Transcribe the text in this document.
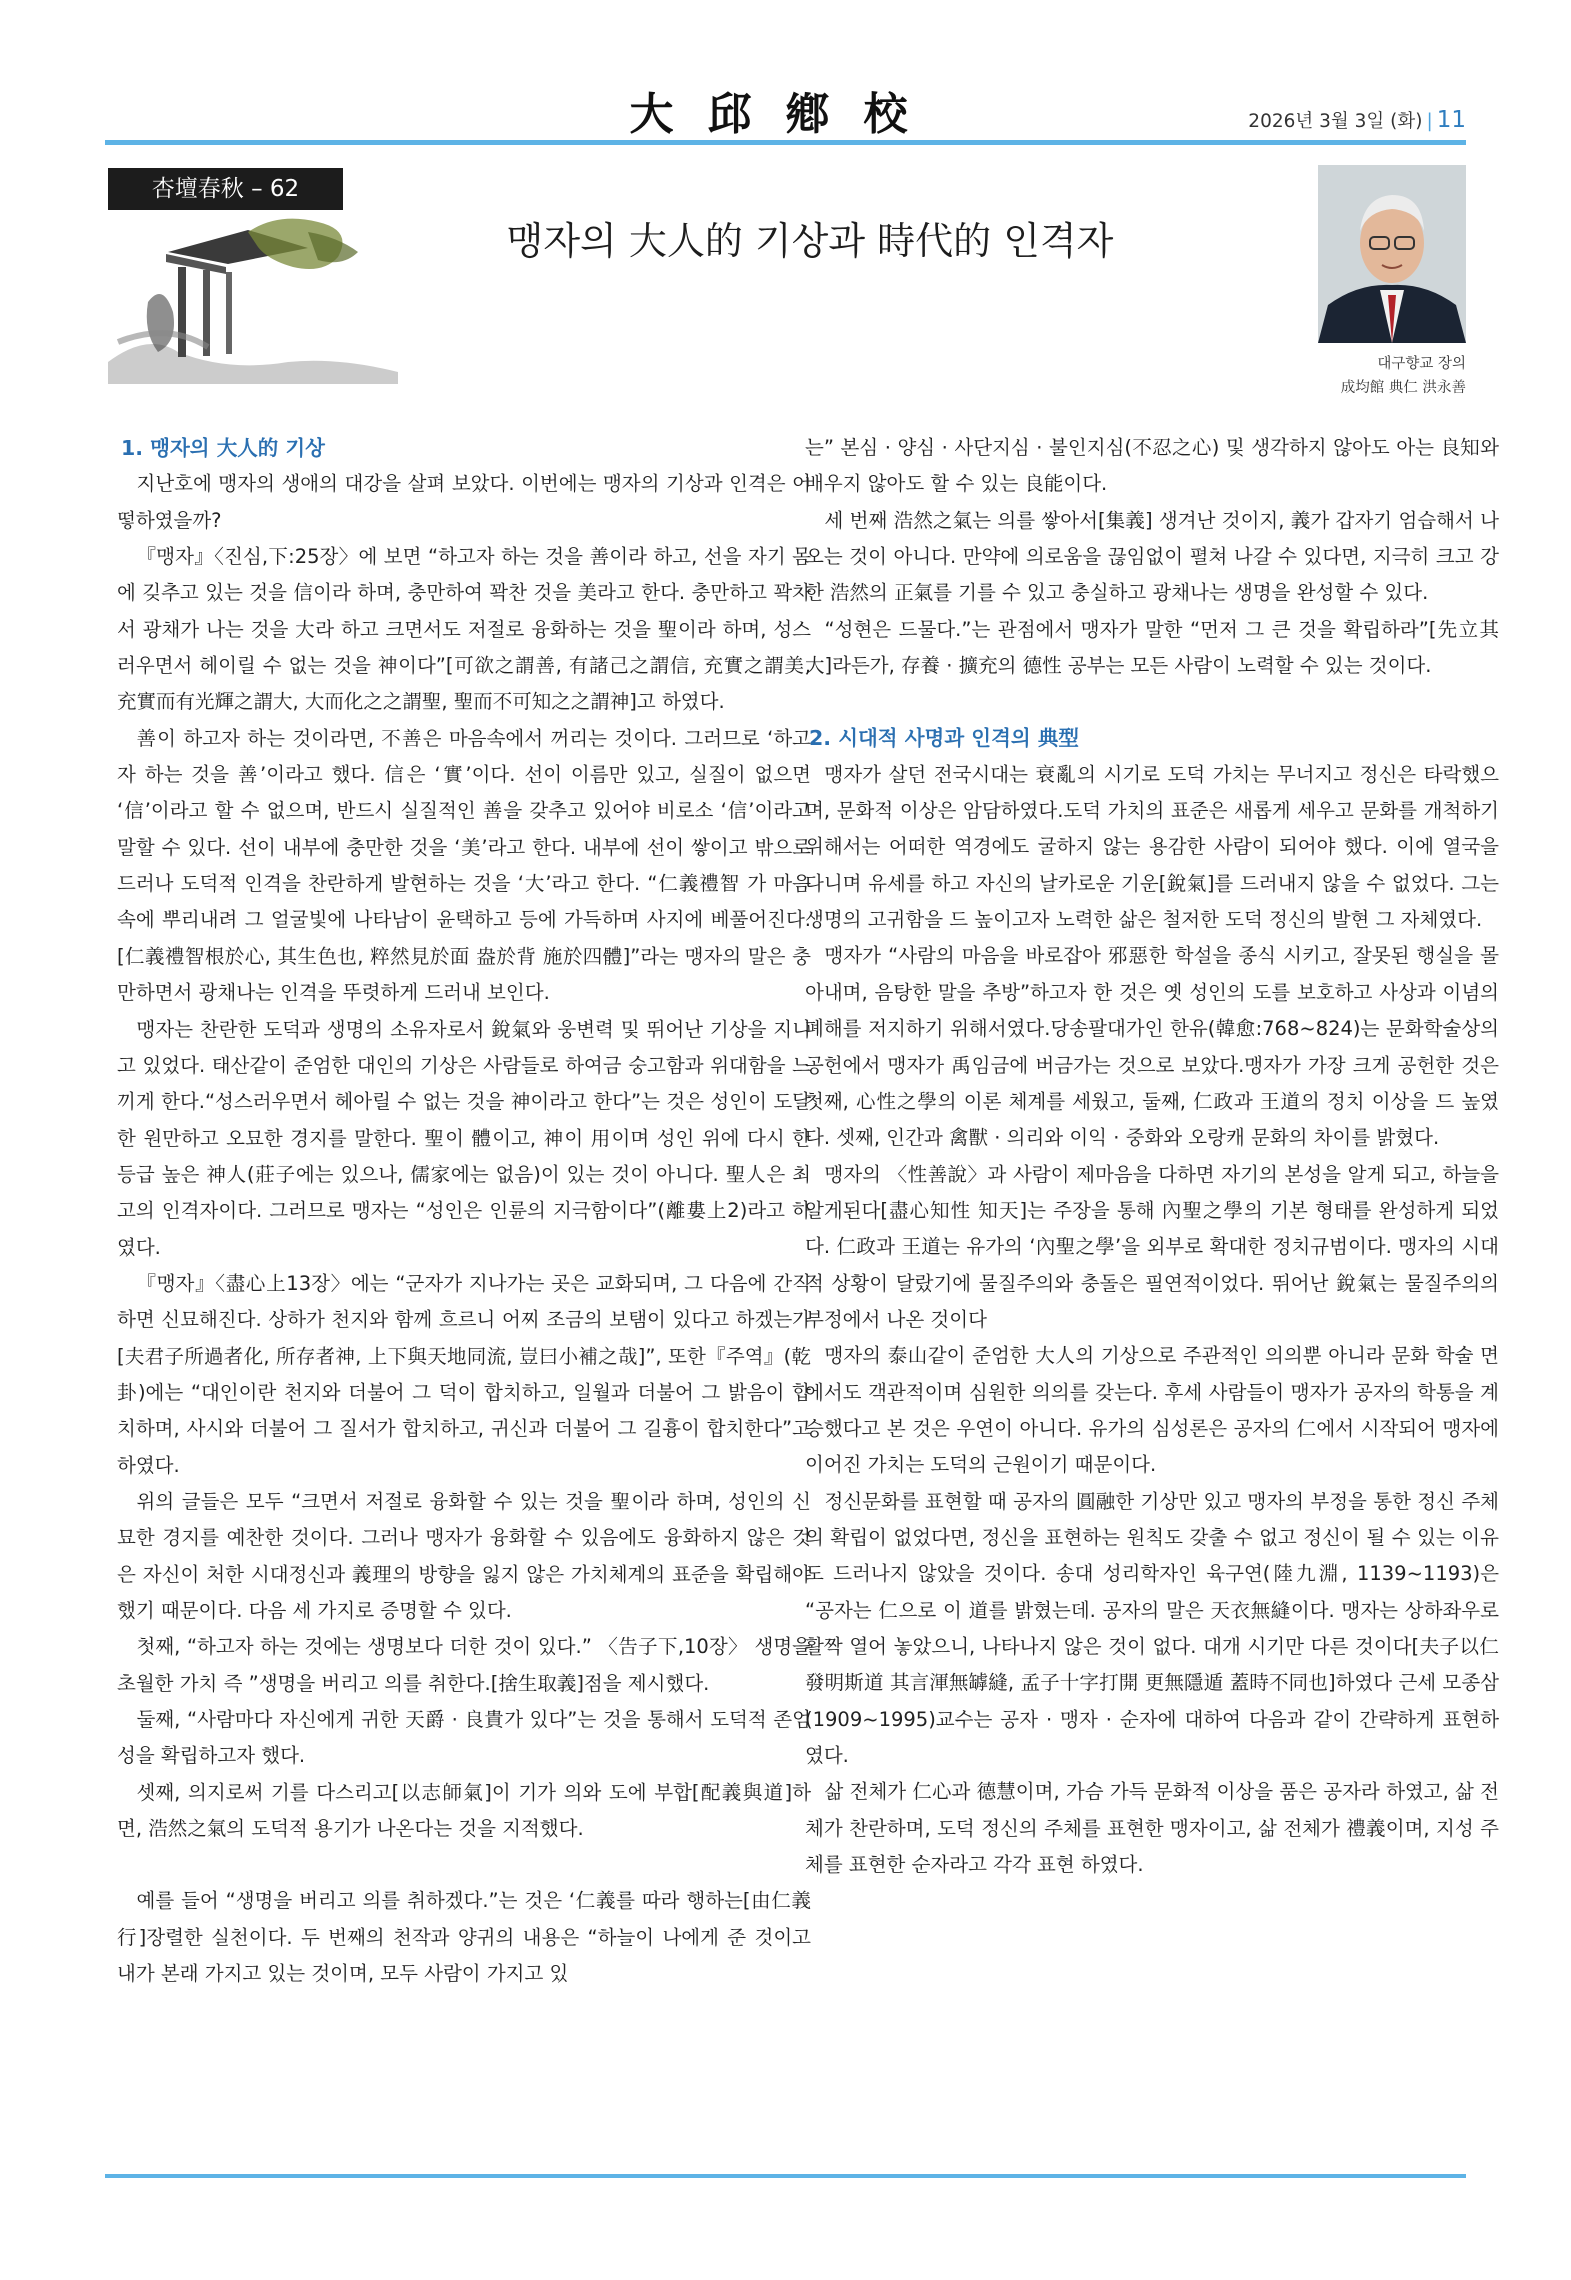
大邱鄕校	2026년 3월 3일 (화) | 11
杏壇春秋 – 62
맹자의 大人的 기상과 時代的 인격자
대구향교 장의
成均館 典仁 洪永善
1. 맹자의 大人的 기상

지난호에 맹자의 생애의 대강을 살펴 보았다. 이번에는 맹자의 기상과 인격은 어떻하였을까?

『맹자』〈진심,下:25장〉에 보면 “하고자 하는 것을 善이라 하고, 선을 자기 몸에 깆추고 있는 것을 信이라 하며, 충만하여 꽉찬 것을 美라고 한다. 충만하고 꽉차서 광채가 나는 것을 大라 하고 크면서도 저절로 융화하는 것을 聖이라 하며, 성스러우면서 헤이릴 수 없는 것을 神이다”[可欲之謂善, 有諸己之謂信, 充實之謂美, 充實而有光輝之謂大, 大而化之之謂聖, 聖而不可知之之謂神]고 하였다.

善이 하고자 하는 것이라면, 不善은 마음속에서 꺼리는 것이다. 그러므로 ‘하고자 하는 것을 善’이라고 했다. 信은 ‘實’이다. 선이 이름만 있고, 실질이 없으면 ‘信’이라고 할 수 없으며, 반드시 실질적인 善을 갖추고 있어야 비로소 ‘信’이라고 말할 수 있다. 선이 내부에 충만한 것을 ‘美’라고 한다. 내부에 선이 쌓이고 밖으로 드러나 도덕적 인격을 찬란하게 발현하는 것을 ‘大’라고 한다. “仁義禮智 가 마음속에 뿌리내려 그 얼굴빛에 나타남이 윤택하고 등에 가득하며 사지에 베풀어진다.[仁義禮智根於心, 其生色也, 粹然見於面 盎於背 施於四體]”라는 맹자의 말은 충만하면서 광채나는 인격을 뚜렷하게 드러내 보인다.

맹자는 찬란한 도덕과 생명의 소유자로서 銳氣와 웅변력 및 뛰어난 기상을 지니고 있었다. 태산같이 준엄한 대인의 기상은 사람들로 하여금 숭고함과 위대함을 느끼게 한다.“성스러우면서 헤아릴 수 없는 것을 神이라고 한다”는 것은 성인이 도달한 원만하고 오묘한 경지를 말한다. 聖이 體이고, 神이 用이며 성인 위에 다시 한 등급 높은 神人(莊子에는 있으나, 儒家에는 없음)이 있는 것이 아니다. 聖人은 최고의 인격자이다. 그러므로 맹자는 “성인은 인륜의 지극함이다”(離婁上2)라고 하였다.

『맹자』〈盡心上13장〉에는 “군자가 지나가는 곳은 교화되며, 그 다음에 간직하면 신묘해진다. 상하가 천지와 함께 흐르니 어찌 조금의 보탬이 있다고 하겠는가[夫君子所過者化, 所存者神, 上下與天地同流, 豈曰小補之哉]”, 또한『주역』(乾卦)에는 “대인이란 천지와 더불어 그 덕이 합치하고, 일월과 더불어 그 밝음이 합치하며, 사시와 더불어 그 질서가 합치하고, 귀신과 더불어 그 길흉이 합치한다”고 하였다.

위의 글들은 모두 “크면서 저절로 융화할 수 있는 것을 聖이라 하며, 성인의 신묘한 경지를 예찬한 것이다. 그러나 맹자가 융화할 수 있음에도 융화하지 않은 것은 자신이 처한 시대정신과 義理의 방향을 잃지 않은 가치체계의 표준을 확립해야 했기 때문이다. 다음 세 가지로 증명할 수 있다.

첫째, “하고자 하는 것에는 생명보다 더한 것이 있다.” 〈告子下,10장〉 생명을 초월한 가치 즉 ”생명을 버리고 의를 취한다.[捨生取義]점을 제시했다.

둘째, “사람마다 자신에게 귀한 天爵 · 良貴가 있다”는 것을 통해서 도덕적 존엄성을 확립하고자 했다.

셋째, 의지로써 기를 다스리고[以志師氣]이 기가 의와 도에 부합[配義與道]하면, 浩然之氣의 도덕적 용기가 나온다는 것을 지적했다.

예를 들어 “생명을 버리고 의를 취하겠다.”는 것은 ‘仁義를 따라 행하는[由仁義行]장렬한 실천이다. 두 번째의 천작과 양귀의 내용은 “하늘이 나에게 준 것이고 내가 본래 가지고 있는 것이며, 모두 사람이 가지고 있

는” 본심 · 양심 · 사단지심 · 불인지심(不忍之心) 및 생각하지 않아도 아는 良知와 배우지 않아도 할 수 있는 良能이다.

세 번째 浩然之氣는 의를 쌓아서[集義] 생겨난 것이지, 義가 갑자기 엄습해서 나오는 것이 아니다. 만약에 의로움을 끊임없이 펼쳐 나갈 수 있다면, 지극히 크고 강한 浩然의 正氣를 기를 수 있고 충실하고 광채나는 생명을 완성할 수 있다.

“성현은 드물다.”는 관점에서 맹자가 말한 “먼저 그 큰 것을 확립하라”[先立其大]라든가, 存養 · 擴充의 德性 공부는 모든 사람이 노력할 수 있는 것이다.

2. 시대적 사명과 인격의 典型

맹자가 살던 전국시대는 衰亂의 시기로 도덕 가치는 무너지고 정신은 타락했으며, 문화적 이상은 암담하였다.도덕 가치의 표준은 새롭게 세우고 문화를 개척하기 위해서는 어떠한 역경에도 굴하지 않는 용감한 사람이 되어야 했다. 이에 열국을 다니며 유세를 하고 자신의 날카로운 기운[銳氣]를 드러내지 않을 수 없었다. 그는 생명의 고귀함을 드 높이고자 노력한 삶은 철저한 도덕 정신의 발현 그 자체였다.

맹자가 “사람의 마음을 바로잡아 邪惡한 학설을 종식 시키고, 잘못된 행실을 몰아내며, 음탕한 말을 추방”하고자 한 것은 옛 성인의 도를 보호하고 사상과 이념의 폐해를 저지하기 위해서였다.당송팔대가인 한유(韓愈:768~824)는 문화학술상의 공헌에서 맹자가 禹임금에 버금가는 것으로 보았다.맹자가 가장 크게 공헌한 것은 첫째, 心性之學의 이론 체계를 세웠고, 둘째, 仁政과 王道의 정치 이상을 드 높였다. 셋째, 인간과 禽獸 · 의리와 이익 · 중화와 오랑캐 문화의 차이를 밝혔다.

맹자의 〈性善說〉과 사람이 제마음을 다하면 자기의 본성을 알게 되고, 하늘을 알게된다[盡心知性 知天]는 주장을 통해 內聖之學의 기본 형태를 완성하게 되었다. 仁政과 王道는 유가의 ‘內聖之學’을 외부로 확대한 정치규범이다. 맹자의 시대적 상황이 달랐기에 물질주의와 충돌은 필연적이었다. 뛰어난 銳氣는 물질주의의 부정에서 나온 것이다

맹자의 泰山같이 준엄한 大人의 기상으로 주관적인 의의뿐 아니라 문화 학술 면에서도 객관적이며 심원한 의의를 갖는다. 후세 사람들이 맹자가 공자의 학통을 계승했다고 본 것은 우연이 아니다. 유가의 심성론은 공자의 仁에서 시작되어 맹자에 이어진 가치는 도덕의 근원이기 때문이다.

정신문화를 표현할 때 공자의 圓融한 기상만 있고 맹자의 부정을 통한 정신 주체의 확립이 없었다면, 정신을 표현하는 원칙도 갖출 수 없고 정신이 될 수 있는 이유도 드러나지 않았을 것이다. 송대 성리학자인 육구연(陸九淵, 1139~1193)은 “공자는 仁으로 이 道를 밝혔는데. 공자의 말은 天衣無縫이다. 맹자는 상하좌우로 활짝 열어 놓았으니, 나타나지 않은 것이 없다. 대개 시기만 다른 것이다[夫子以仁發明斯道 其言渾無罅縫, 孟子十字打開 更無隱遁 蓋時不同也]하였다 근세 모종삼(1909~1995)교수는 공자 · 맹자 · 순자에 대하여 다음과 같이 간략하게 표현하였다.

삶 전체가 仁心과 德慧이며, 가슴 가득 문화적 이상을 품은 공자라 하였고, 삶 전체가 찬란하며, 도덕 정신의 주체를 표현한 맹자이고, 삶 전체가 禮義이며, 지성 주체를 표현한 순자라고 각각 표현 하였다.
